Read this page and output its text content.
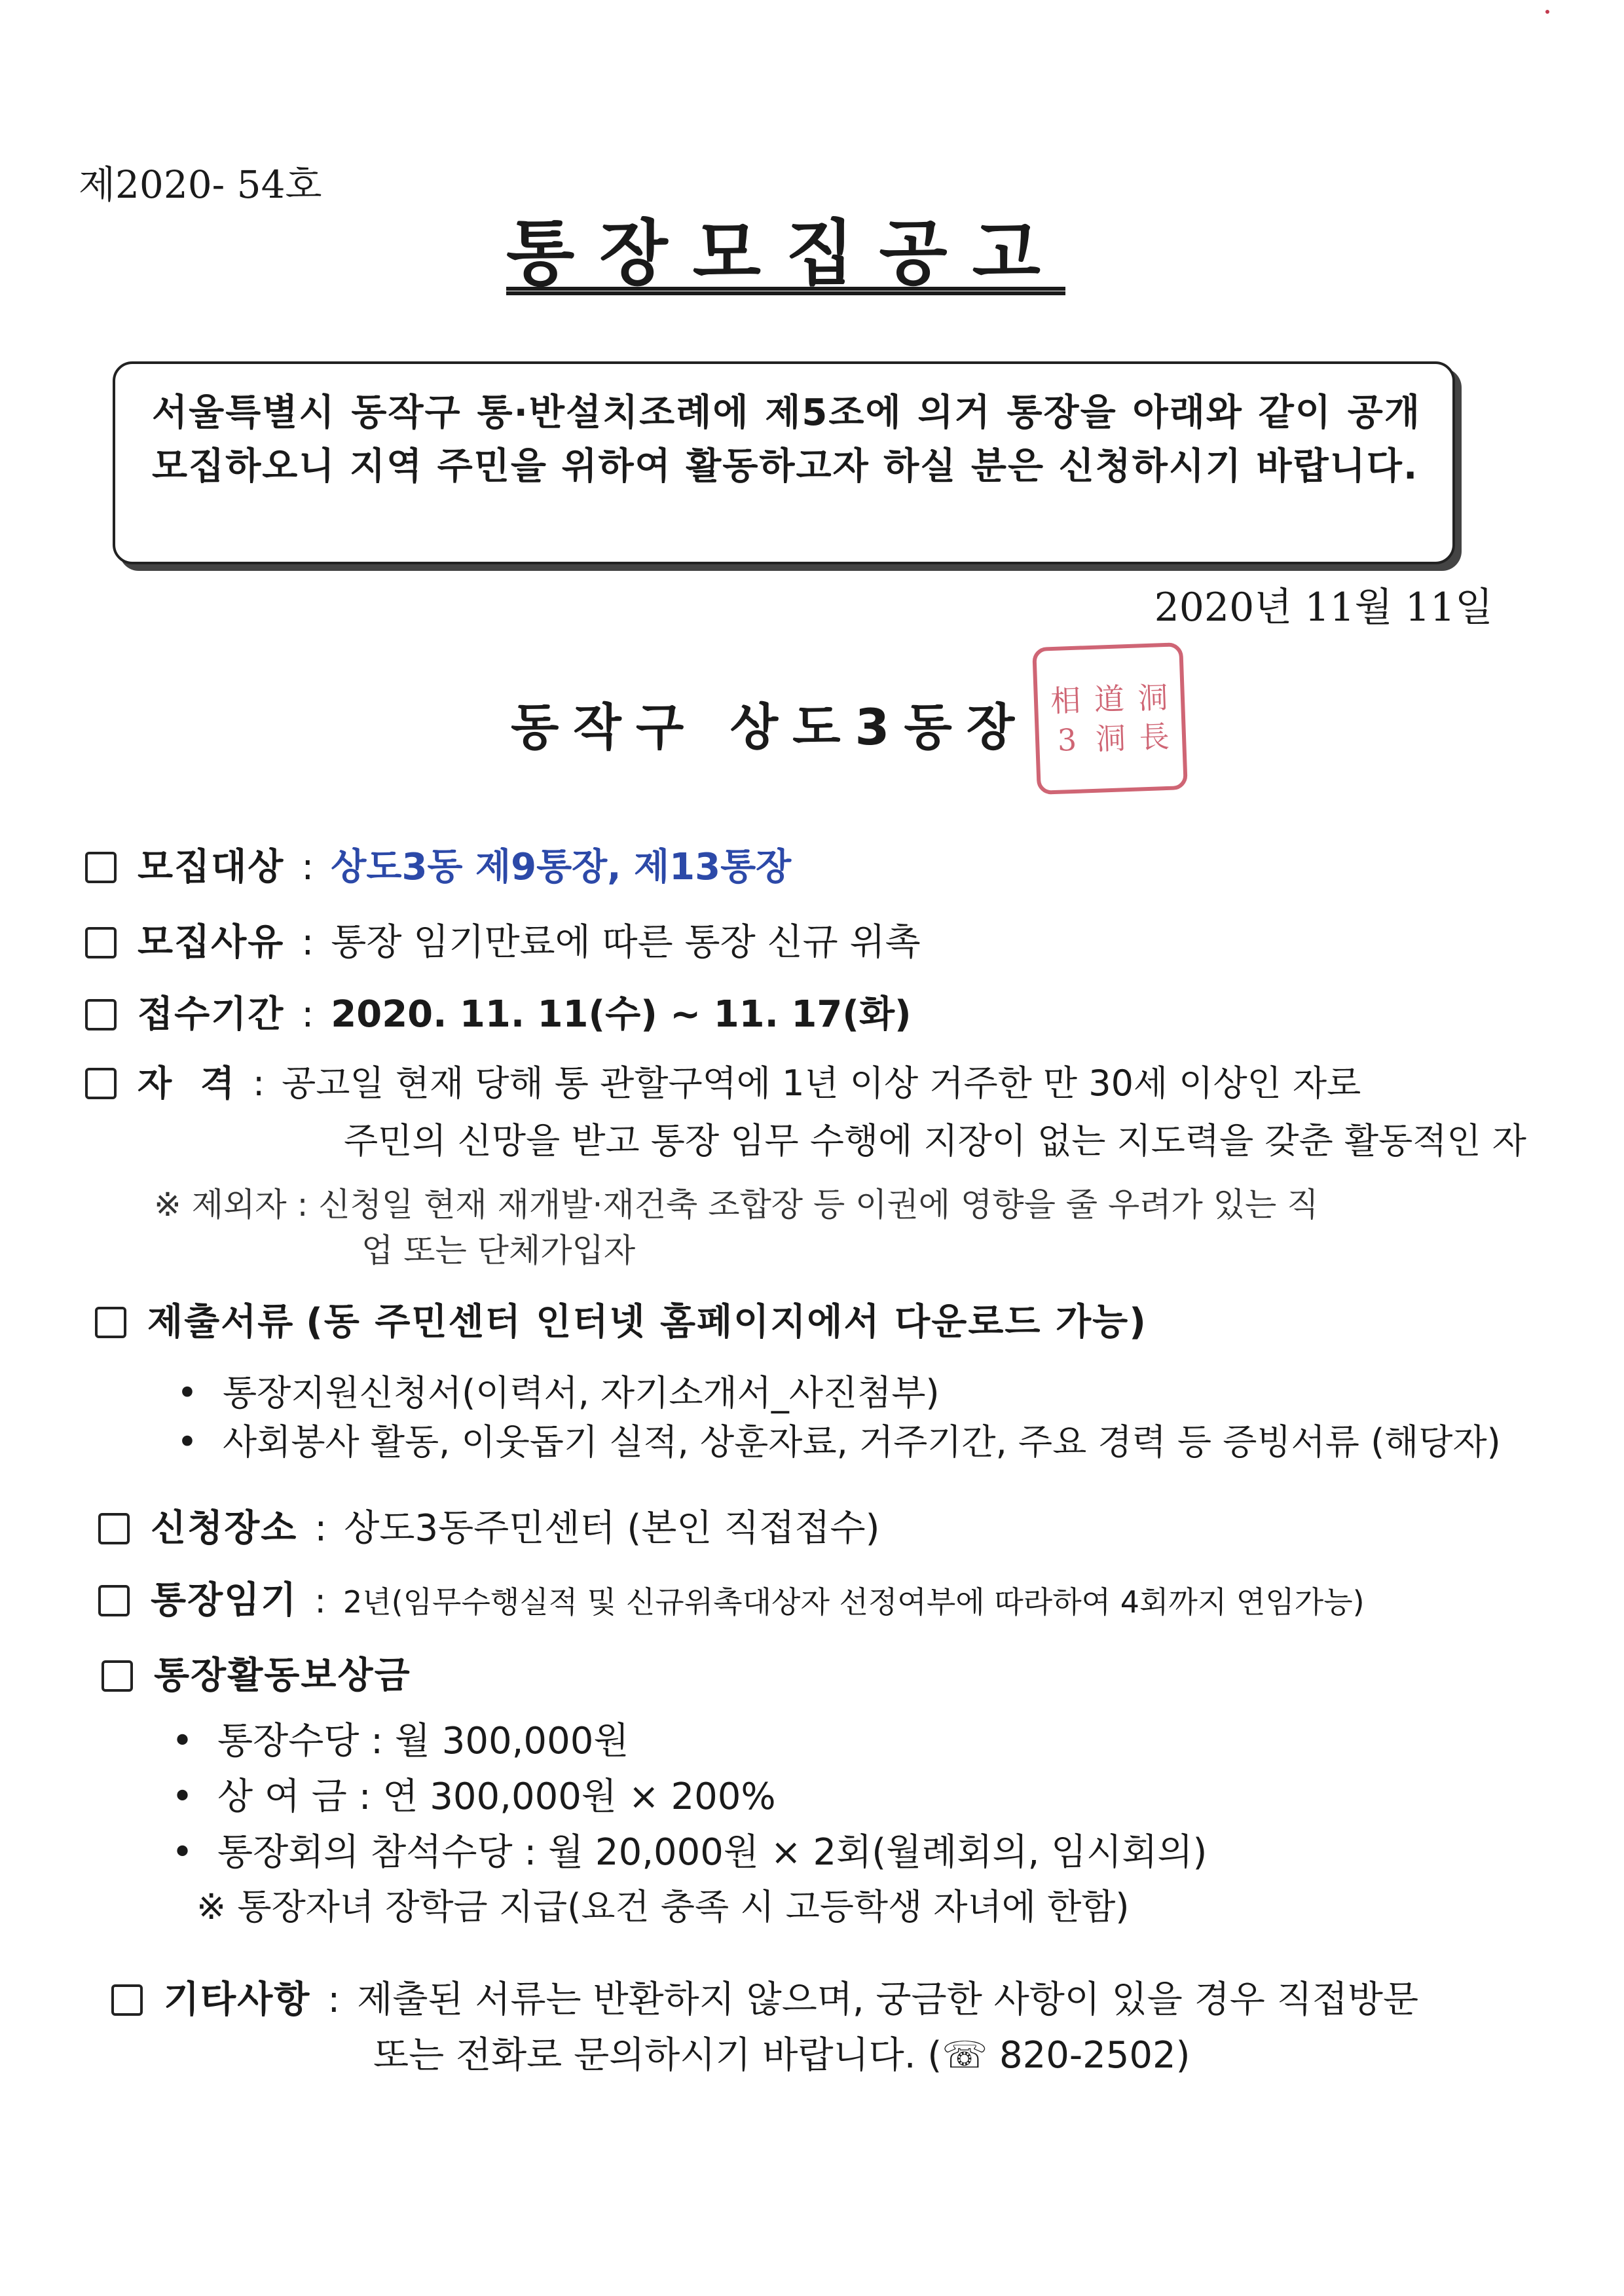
제2020- 54호
통장모집공고
서울특별시 동작구 통·반설치조례에 제5조에 의거 통장을 아래와 같이 공개모집하오니 지역 주민을 위하여 활동하고자 하실 분은 신청하시기 바랍니다.
2020년 11월 11일
동작구 상도3동장 相 道 洞
3 洞 長
모집대상 : 상도3동 제9통장, 제13통장
모집사유 : 통장 임기만료에 따른 통장 신규 위촉
접수기간 : 2020. 11. 11(수) ~ 11. 17(화)
자  격 : 공고일 현재 당해 통 관할구역에 1년 이상 거주한 만 30세 이상인 자로
주민의 신망을 받고 통장 임무 수행에 지장이 없는 지도력을 갖춘 활동적인 자
※ 제외자 : 신청일 현재 재개발·재건축 조합장 등 이권에 영향을 줄 우려가 있는 직
업 또는 단체가입자
제출서류 (동 주민센터 인터넷 홈페이지에서 다운로드 가능)
• 통장지원신청서(이력서, 자기소개서_사진첨부)
• 사회봉사 활동, 이웃돕기 실적, 상훈자료, 거주기간, 주요 경력 등 증빙서류 (해당자)
신청장소 : 상도3동주민센터 (본인 직접접수)
통장임기 : 2년(임무수행실적 및 신규위촉대상자 선정여부에 따라하여 4회까지 연임가능)
통장활동보상금
• 통장수당 : 월 300,000원
• 상 여 금 : 연 300,000원 × 200%
• 통장회의 참석수당 : 월 20,000원 × 2회(월례회의, 임시회의)
※ 통장자녀 장학금 지급(요건 충족 시 고등학생 자녀에 한함)
기타사항 : 제출된 서류는 반환하지 않으며, 궁금한 사항이 있을 경우 직접방문
또는 전화로 문의하시기 바랍니다. (☏ 820-2502)
